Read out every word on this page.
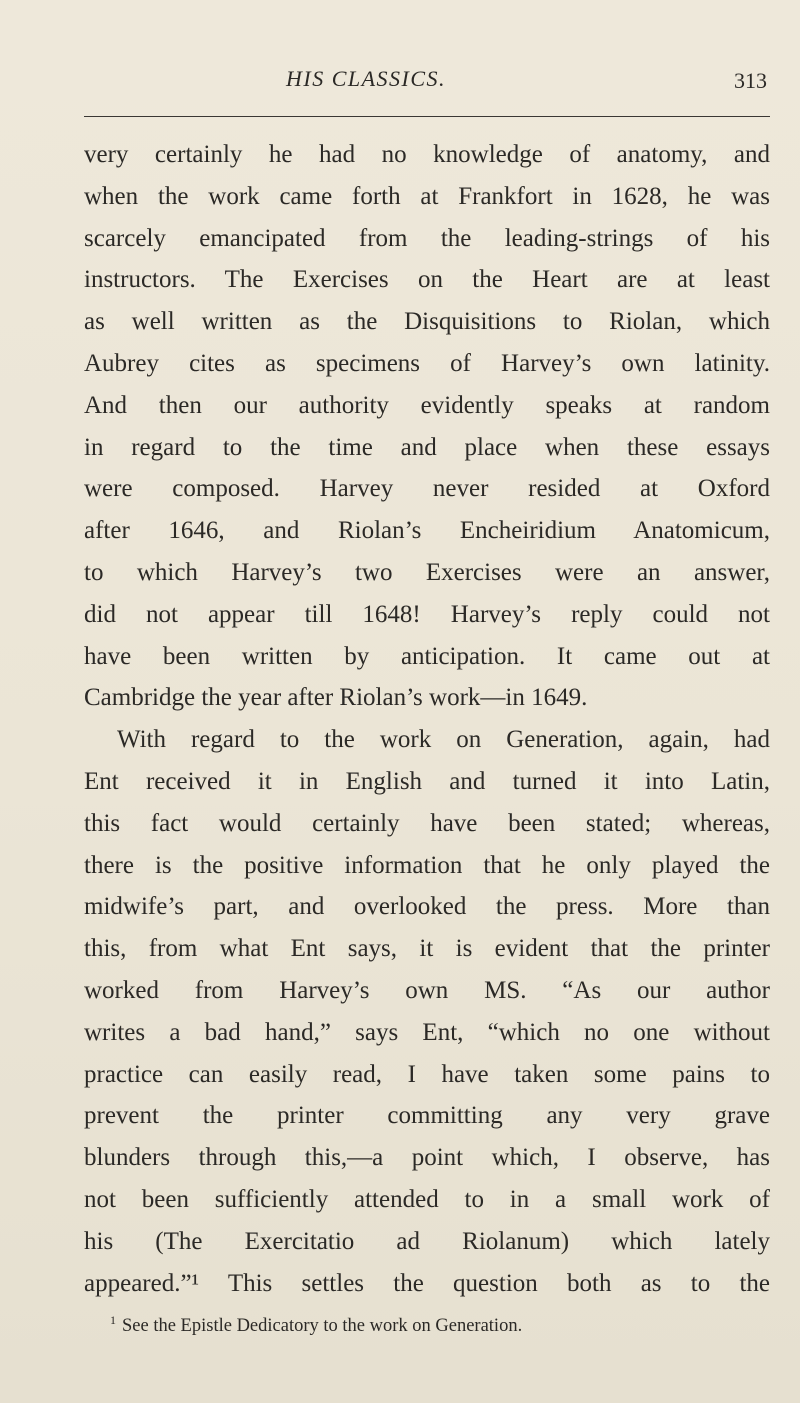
HIS CLASSICS.	313
very certainly he had no knowledge of anatomy, and
when the work came forth at Frankfort in 1628, he was
scarcely emancipated from the leading-strings of his
instructors. The Exercises on the Heart are at least
as well written as the Disquisitions to Riolan, which
Aubrey cites as specimens of Harvey’s own latinity.
And then our authority evidently speaks at random
in regard to the time and place when these essays
were composed. Harvey never resided at Oxford
after 1646, and Riolan’s Encheiridium Anatomicum,
to which Harvey’s two Exercises were an answer,
did not appear till 1648! Harvey’s reply could not
have been written by anticipation. It came out at
Cambridge the year after Riolan’s work—in 1649.
With regard to the work on Generation, again, had
Ent received it in English and turned it into Latin,
this fact would certainly have been stated; whereas,
there is the positive information that he only played the
midwife’s part, and overlooked the press. More than
this, from what Ent says, it is evident that the printer
worked from Harvey’s own MS. “As our author
writes a bad hand,” says Ent, “which no one without
practice can easily read, I have taken some pains to
prevent the printer committing any very grave
blunders through this,—a point which, I observe, has
not been sufficiently attended to in a small work of
his (The Exercitatio ad Riolanum) which lately
appeared.”¹ This settles the question both as to the
$^1$ See the Epistle Dedicatory to the work on Generation.
